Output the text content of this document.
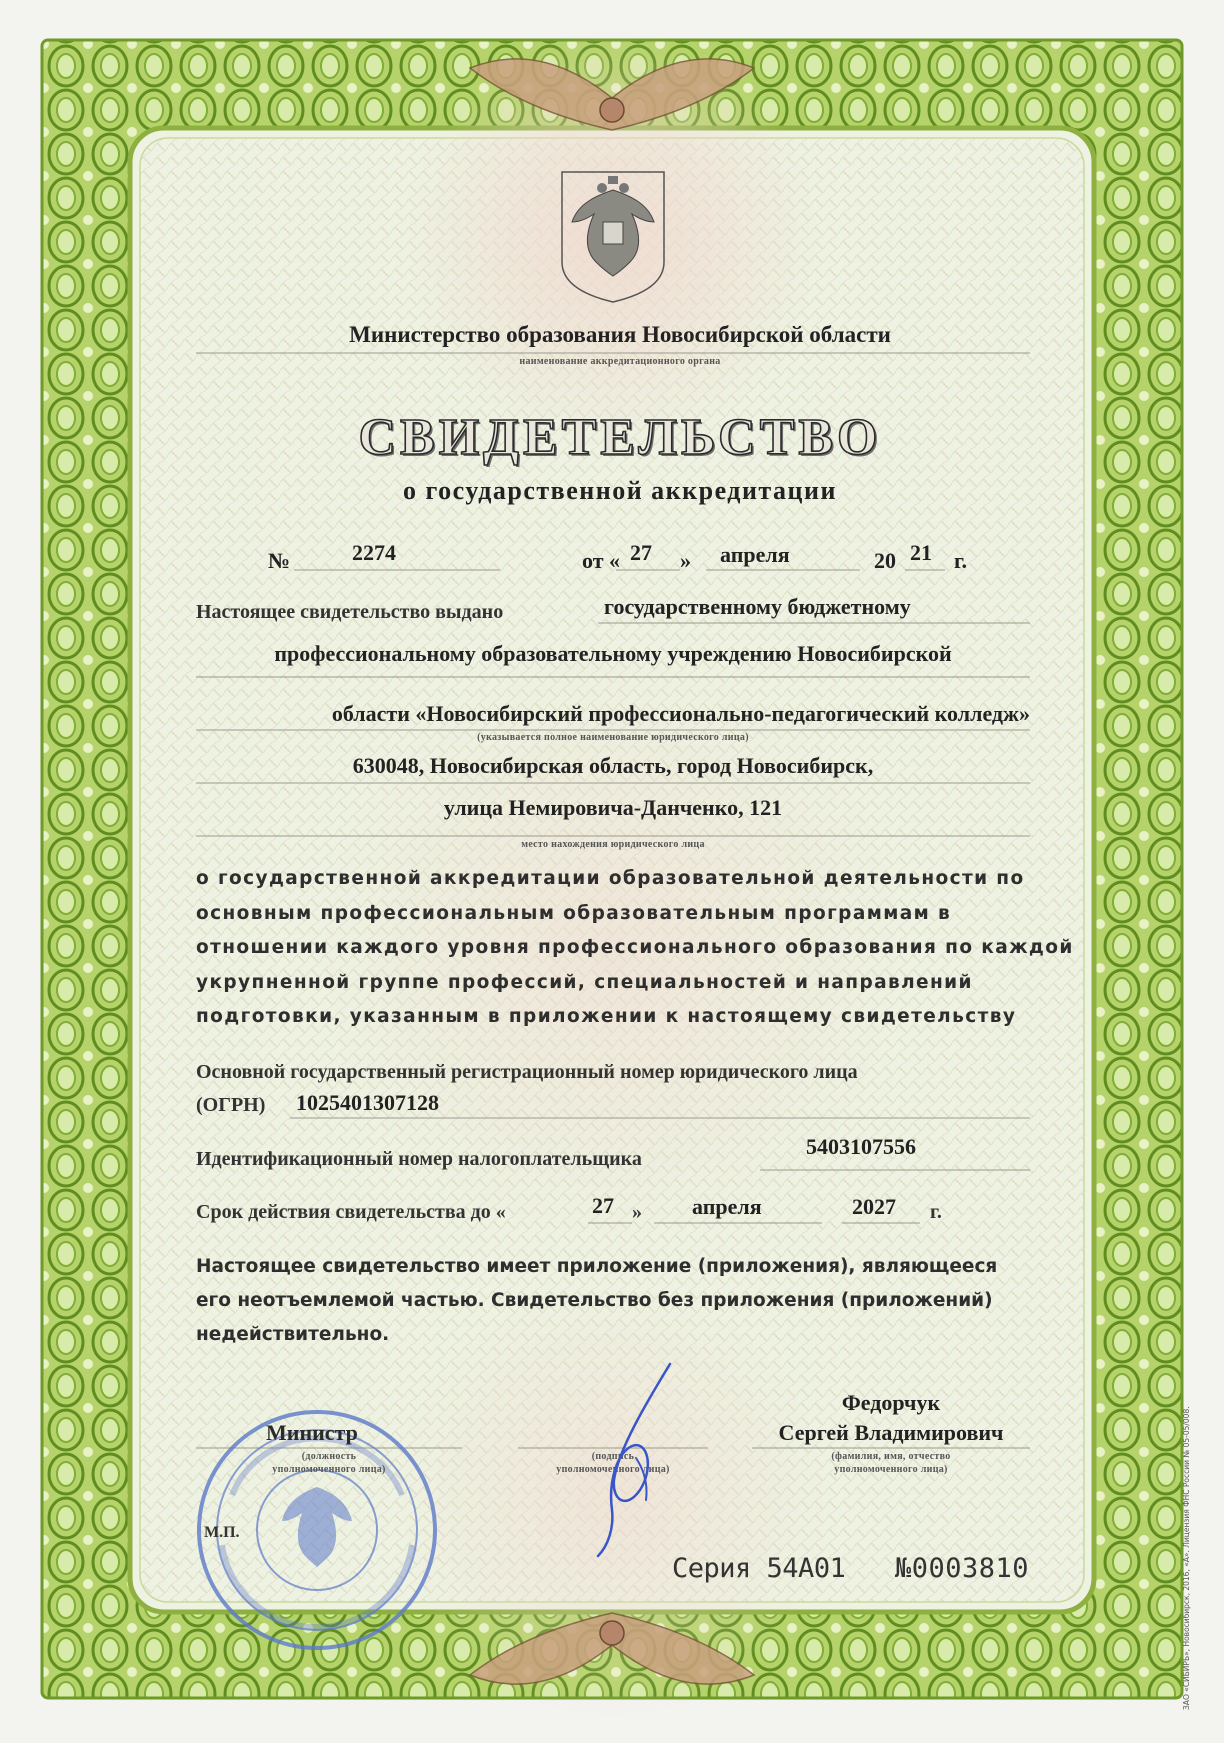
Министерство образования Новосибирской области
наименование аккредитационного органа
СВИДЕТЕЛЬСТВО
о государственной аккредитации
№	2274	от « 27 » апреля	20 21 г.
Настоящее свидетельство выдано	государственному бюджетному
профессиональному образовательному учреждению Новосибирской
области «Новосибирский профессионально-педагогический колледж»
(указывается полное наименование юридического лица)
630048, Новосибирская область, город Новосибирск,
улица Немировича-Данченко, 121
место нахождения юридического лица
о государственной аккредитации образовательной деятельности по
основным профессиональным образовательным программам в
отношении каждого уровня профессионального образования по каждой
укрупненной группе профессий, специальностей и направлений
подготовки, указанным в приложении к настоящему свидетельству
Основной государственный регистрационный номер юридического лица
(ОГРН) 1025401307128
Идентификационный номер налогоплательщика	5403107556
Срок действия свидетельства до «	27 » апреля	2027 г.
Настоящее свидетельство имеет приложение (приложения), являющееся
его неотъемлемой частью. Свидетельство без приложения (приложений)
недействительно.
Министр
(должность
уполномоченного лица)
(подпись
уполномоченного лица)
Федорчук
Сергей Владимирович
(фамилия, имя, отчество
уполномоченного лица)
М.П.
Серия 54А01 №0003810	ЗАО «СИБИРЬ», Новосибирск, 2016, «А». Лицензия ФНС России № 05-05/008.
